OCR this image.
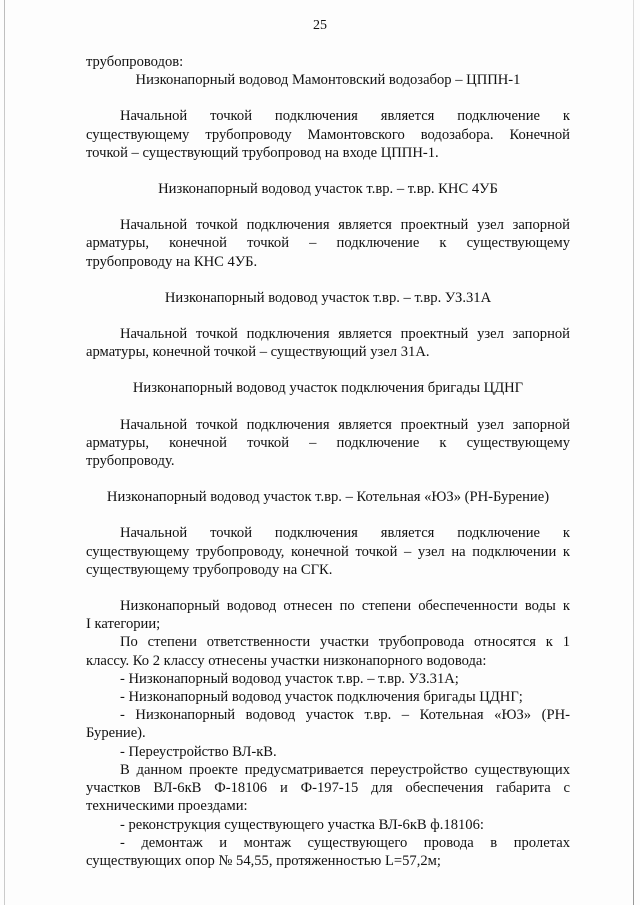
25

трубопроводов:

Низконапорный водовод Мамонтовский водозабор – ЦППН-1

Начальной точкой подключения является подключение к

существующему трубопроводу Мамонтовского водозабора. Конечной

точкой – существующий трубопровод на входе ЦППН-1.

Низконапорный водовод участок т.вр. – т.вр. КНС 4УБ

Начальной точкой подключения является проектный узел запорной

арматуры, конечной точкой – подключение к существующему

трубопроводу на КНС 4УБ.

Низконапорный водовод участок т.вр. – т.вр. УЗ.31А

Начальной точкой подключения является проектный узел запорной

арматуры, конечной точкой – существующий узел 31А.

Низконапорный водовод участок подключения бригады ЦДНГ

Начальной точкой подключения является проектный узел запорной

арматуры, конечной точкой – подключение к существующему

трубопроводу.

Низконапорный водовод участок т.вр. – Котельная «ЮЗ» (РН-Бурение)

Начальной точкой подключения является подключение к

существующему трубопроводу, конечной точкой – узел на подключении к

существующему трубопроводу на СГК.

Низконапорный водовод отнесен по степени обеспеченности воды к

I категории;

По степени ответственности участки трубопровода относятся к 1

классу. Ко 2 классу отнесены участки низконапорного водовода:

- Низконапорный водовод участок т.вр. – т.вр. УЗ.31А;

- Низконапорный водовод участок подключения бригады ЦДНГ;

- Низконапорный водовод участок т.вр. – Котельная «ЮЗ» (РН-

Бурение).

- Переустройство ВЛ-кВ.

В данном проекте предусматривается переустройство существующих

участков ВЛ-6кВ Ф-18106 и Ф-197-15 для обеспечения габарита с

техническими проездами:

- реконструкция существующего участка ВЛ-6кВ ф.18106:

- демонтаж и монтаж существующего провода в пролетах

существующих опор № 54,55, протяженностью L=57,2м;
